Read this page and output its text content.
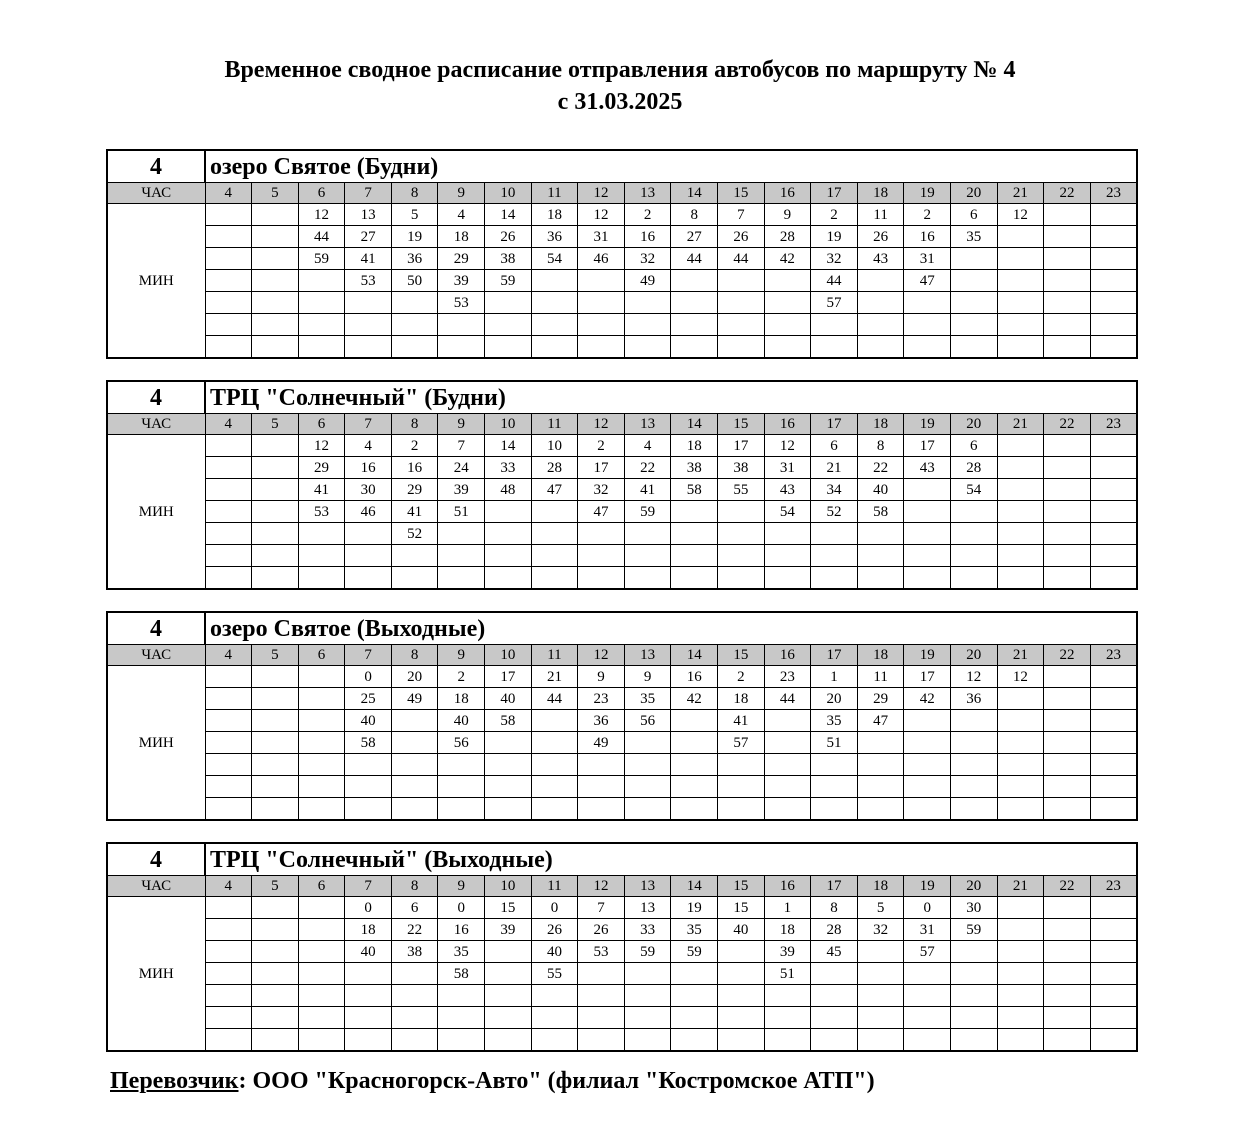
Временное сводное расписание отправления автобусов по маршруту № 4
с 31.03.2025
4	озеро Святое (Будни)																			
ЧАС	4	5	6	7	8	9	10	11	12	13	14	15	16	17	18	19	20	21	22	23
МИН			12	13	5	4	14	18	12	2	8	7	9	2	11	2	6	12		
			44	27	19	18	26	36	31	16	27	26	28	19	26	16	35			
			59	41	36	29	38	54	46	32	44	44	42	32	43	31				
				53	50	39	59			49				44		47				
						53								57						

4	ТРЦ "Солнечный" (Будни)																			
ЧАС	4	5	6	7	8	9	10	11	12	13	14	15	16	17	18	19	20	21	22	23
МИН			12	4	2	7	14	10	2	4	18	17	12	6	8	17	6			
			29	16	16	24	33	28	17	22	38	38	31	21	22	43	28			
			41	30	29	39	48	47	32	41	58	55	43	34	40		54			
			53	46	41	51			47	59			54	52	58					
					52															

4	озеро Святое (Выходные)																			
ЧАС	4	5	6	7	8	9	10	11	12	13	14	15	16	17	18	19	20	21	22	23
МИН				0	20	2	17	21	9	9	16	2	23	1	11	17	12	12		
				25	49	18	40	44	23	35	42	18	44	20	29	42	36			
				40		40	58		36	56		41		35	47					
				58		56			49			57		51						

4	ТРЦ "Солнечный" (Выходные)																			
ЧАС	4	5	6	7	8	9	10	11	12	13	14	15	16	17	18	19	20	21	22	23
МИН				0	6	0	15	0	7	13	19	15	1	8	5	0	30			
				18	22	16	39	26	26	33	35	40	18	28	32	31	59			
				40	38	35		40	53	59	59		39	45		57				
						58		55					51							

Перевозчик: ООО "Красногорск-Авто" (филиал "Костромское АТП")
